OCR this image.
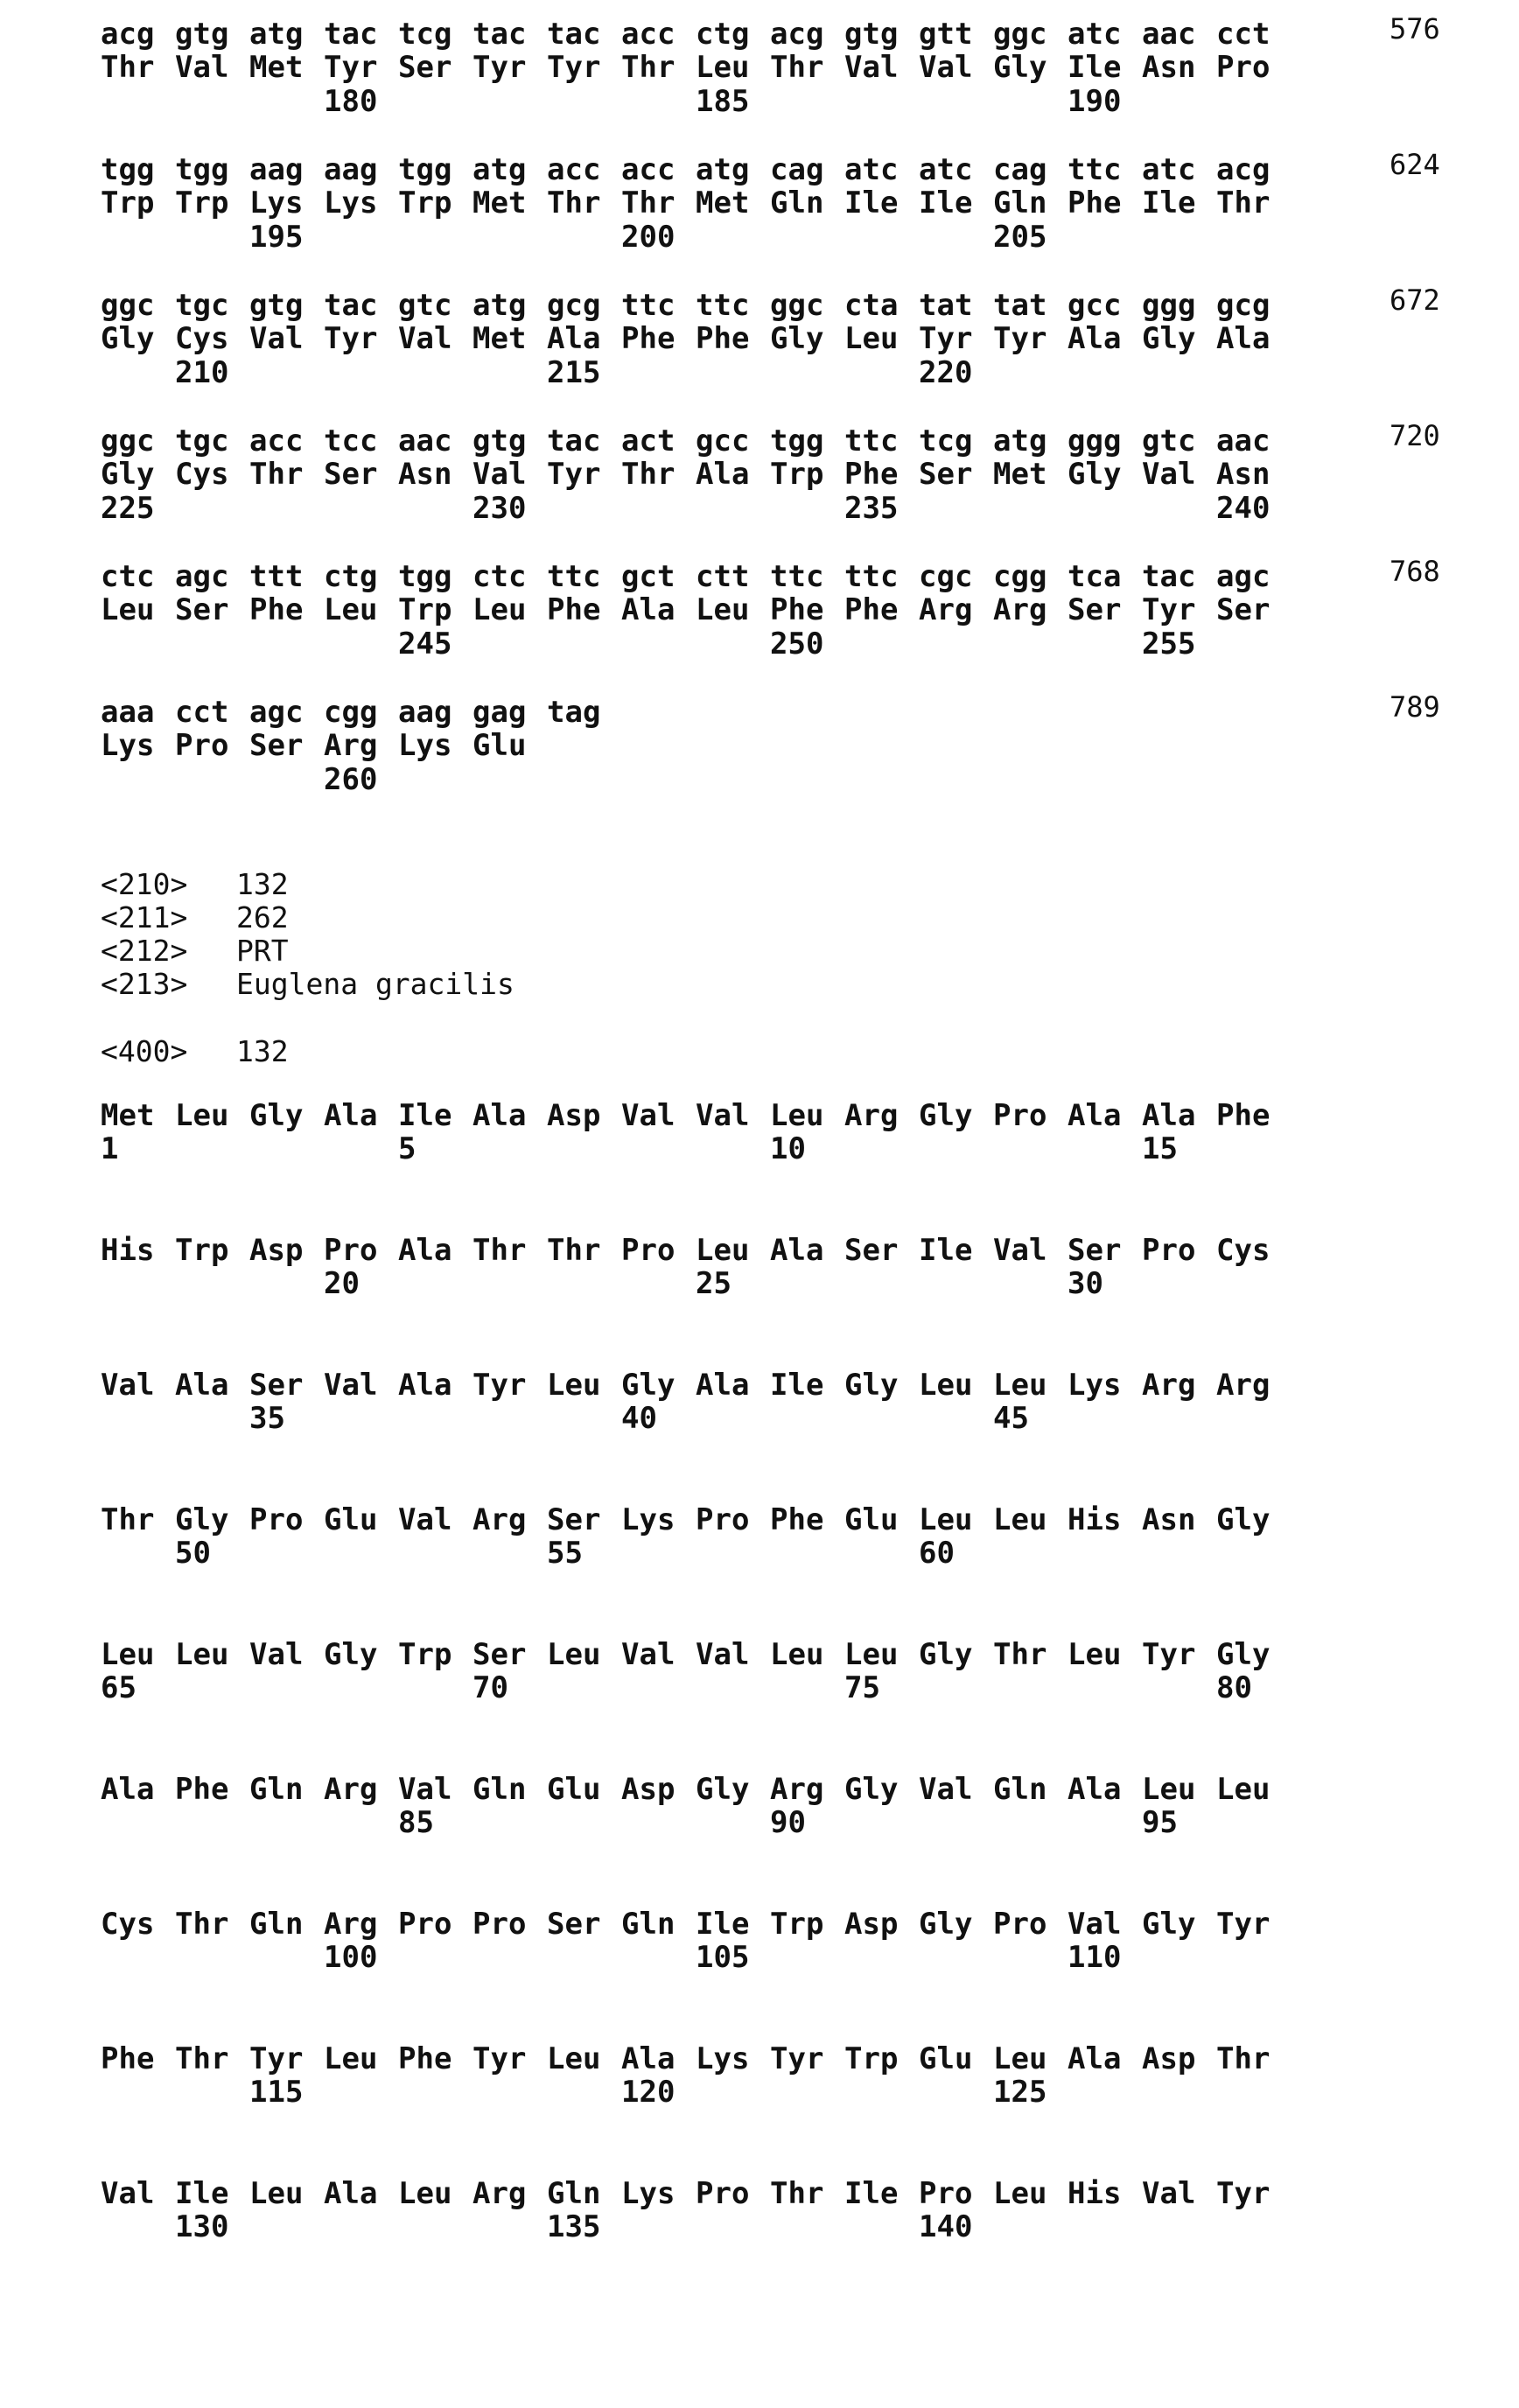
acg gtg atg tac tcg tac tac acc ctg acg gtg gtt ggc atc aac cct
Thr Val Met Tyr Ser Tyr Tyr Thr Leu Thr Val Val Gly Ile Asn Pro
180	185	190
576
tgg tgg aag aag tgg atg acc acc atg cag atc atc cag ttc atc acg
Trp Trp Lys Lys Trp Met Thr Thr Met Gln Ile Ile Gln Phe Ile Thr
195	200	205
624
ggc tgc gtg tac gtc atg gcg ttc ttc ggc cta tat tat gcc ggg gcg
Gly Cys Val Tyr Val Met Ala Phe Phe Gly Leu Tyr Tyr Ala Gly Ala
210	215	220
672
ggc tgc acc tcc aac gtg tac act gcc tgg ttc tcg atg ggg gtc aac
Gly Cys Thr Ser Asn Val Tyr Thr Ala Trp Phe Ser Met Gly Val Asn
225	230	235	240
720
ctc agc ttt ctg tgg ctc ttc gct ctt ttc ttc cgc cgg tca tac agc
Leu Ser Phe Leu Trp Leu Phe Ala Leu Phe Phe Arg Arg Ser Tyr Ser
245	250	255
768
aaa cct agc cgg aag gag tag
Lys Pro Ser Arg Lys Glu
260
789
<210> 132
<211> 262
<212> PRT
<213> Euglena gracilis
<400> 132
Met Leu Gly Ala Ile Ala Asp Val Val Leu Arg Gly Pro Ala Ala Phe
1	5	10	15
His Trp Asp Pro Ala Thr Thr Pro Leu Ala Ser Ile Val Ser Pro Cys
20	25	30
Val Ala Ser Val Ala Tyr Leu Gly Ala Ile Gly Leu Leu Lys Arg Arg
35	40	45
Thr Gly Pro Glu Val Arg Ser Lys Pro Phe Glu Leu Leu His Asn Gly
50	55	60
Leu Leu Val Gly Trp Ser Leu Val Val Leu Leu Gly Thr Leu Tyr Gly
65	70	75	80
Ala Phe Gln Arg Val Gln Glu Asp Gly Arg Gly Val Gln Ala Leu Leu
85	90	95
Cys Thr Gln Arg Pro Pro Ser Gln Ile Trp Asp Gly Pro Val Gly Tyr
100	105	110
Phe Thr Tyr Leu Phe Tyr Leu Ala Lys Tyr Trp Glu Leu Ala Asp Thr
115	120	125
Val Ile Leu Ala Leu Arg Gln Lys Pro Thr Ile Pro Leu His Val Tyr
130	135	140
